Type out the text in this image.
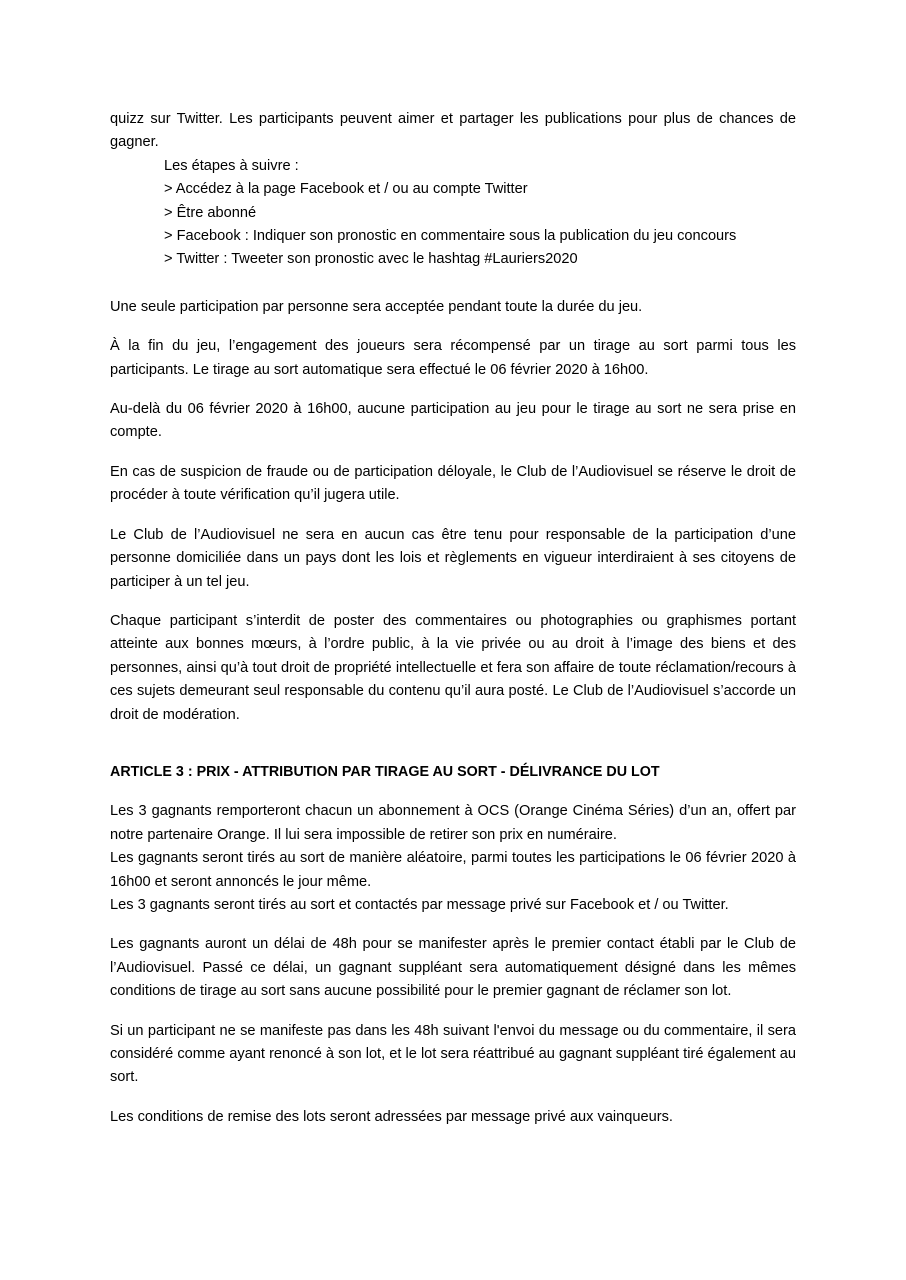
quizz sur Twitter. Les participants peuvent aimer et partager les publications pour plus de chances de gagner.

Les étapes à suivre :
> Accédez à la page Facebook et / ou au compte Twitter
> Être abonné
> Facebook : Indiquer son pronostic en commentaire sous la publication du jeu concours
> Twitter : Tweeter son pronostic avec le hashtag #Lauriers2020

Une seule participation par personne sera acceptée pendant toute la durée du jeu.

À la fin du jeu, l’engagement des joueurs sera récompensé par un tirage au sort parmi tous les participants. Le tirage au sort automatique sera effectué le 06 février 2020 à 16h00.

Au-delà du 06 février 2020 à 16h00, aucune participation au jeu pour le tirage au sort ne sera prise en compte.

En cas de suspicion de fraude ou de participation déloyale, le Club de l’Audiovisuel se réserve le droit de procéder à toute vérification qu’il jugera utile.

Le Club de l’Audiovisuel ne sera en aucun cas être tenu pour responsable de la participation d’une personne domiciliée dans un pays dont les lois et règlements en vigueur interdiraient à ses citoyens de participer à un tel jeu.

Chaque participant s’interdit de poster des commentaires ou photographies ou graphismes portant atteinte aux bonnes mœurs, à l’ordre public, à la vie privée ou au droit à l’image des biens et des personnes, ainsi qu’à tout droit de propriété intellectuelle et fera son affaire de toute réclamation/recours à ces sujets demeurant seul responsable du contenu qu’il aura posté. Le Club de l’Audiovisuel s’accorde un droit de modération.

ARTICLE 3 : PRIX - ATTRIBUTION PAR TIRAGE AU SORT - DÉLIVRANCE DU LOT

Les 3 gagnants remporteront chacun un abonnement à OCS (Orange Cinéma Séries) d’un an, offert par notre partenaire Orange. Il lui sera impossible de retirer son prix en numéraire.

Les gagnants seront tirés au sort de manière aléatoire, parmi toutes les participations le 06 février 2020 à 16h00 et seront annoncés le jour même.

Les 3 gagnants seront tirés au sort et contactés par message privé sur Facebook et / ou Twitter.

Les gagnants auront un délai de 48h pour se manifester après le premier contact établi par le Club de l’Audiovisuel. Passé ce délai, un gagnant suppléant sera automatiquement désigné dans les mêmes conditions de tirage au sort sans aucune possibilité pour le premier gagnant de réclamer son lot.

Si un participant ne se manifeste pas dans les 48h suivant l'envoi du message ou du commentaire, il sera considéré comme ayant renoncé à son lot, et le lot sera réattribué au gagnant suppléant tiré également au sort.

Les conditions de remise des lots seront adressées par message privé aux vainqueurs.
